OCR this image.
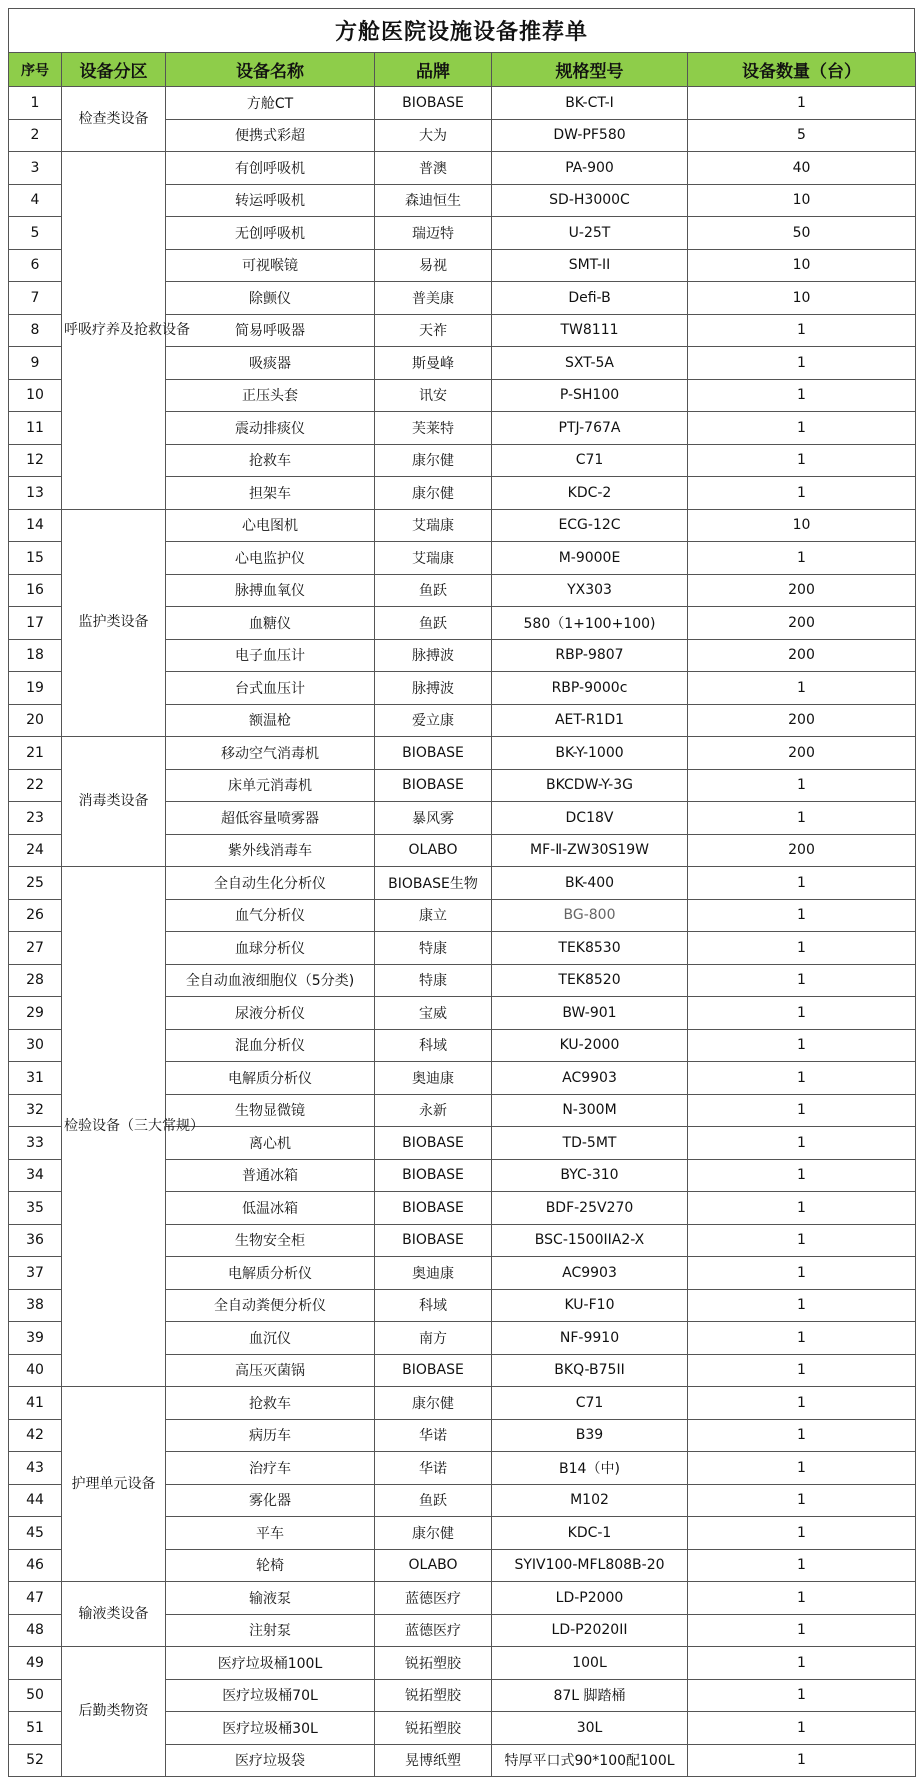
方舱医院设施设备推荐单
序号	设备分区	设备名称	品牌	规格型号	设备数量（台）
1	检查类设备	方舱CT	BIOBASE	BK-CT-I	1
2		便携式彩超	大为	DW-PF580	5
3	呼吸疗养及抢救设备	有创呼吸机	普澳	PA-900	40
4		转运呼吸机	森迪恒生	SD-H3000C	10
5		无创呼吸机	瑞迈特	U-25T	50
6		可视喉镜	易视	SMT-II	10
7		除颤仪	普美康	Defi-B	10
8		简易呼吸器	天祚	TW8111	1
9		吸痰器	斯曼峰	SXT-5A	1
10		正压头套	讯安	P-SH100	1
11		震动排痰仪	芙莱特	PTJ-767A	1
12		抢救车	康尔健	C71	1
13		担架车	康尔健	KDC-2	1
14	监护类设备	心电图机	艾瑞康	ECG-12C	10
15		心电监护仪	艾瑞康	M-9000E	1
16		脉搏血氧仪	鱼跃	YX303	200
17		血糖仪	鱼跃	580（1+100+100)	200
18		电子血压计	脉搏波	RBP-9807	200
19		台式血压计	脉搏波	RBP-9000c	1
20		额温枪	爱立康	AET-R1D1	200
21	消毒类设备	移动空气消毒机	BIOBASE	BK-Y-1000	200
22		床单元消毒机	BIOBASE	BKCDW-Y-3G	1
23		超低容量喷雾器	暴风雾	DC18V	1
24		紫外线消毒车	OLABO	MF-Ⅱ-ZW30S19W	200
25	检验设备（三大常规）	全自动生化分析仪	BIOBASE生物	BK-400	1
26		血气分析仪	康立	BG-800	1
27		血球分析仪	特康	TEK8530	1
28		全自动血液细胞仪（5分类)	特康	TEK8520	1
29		尿液分析仪	宝威	BW-901	1
30		混血分析仪	科域	KU-2000	1
31		电解质分析仪	奥迪康	AC9903	1
32		生物显微镜	永新	N-300M	1
33		离心机	BIOBASE	TD-5MT	1
34		普通冰箱	BIOBASE	BYC-310	1
35		低温冰箱	BIOBASE	BDF-25V270	1
36		生物安全柜	BIOBASE	BSC-1500IIA2-X	1
37		电解质分析仪	奥迪康	AC9903	1
38		全自动粪便分析仪	科域	KU-F10	1
39		血沉仪	南方	NF-9910	1
40		高压灭菌锅	BIOBASE	BKQ-B75II	1
41	护理单元设备	抢救车	康尔健	C71	1
42		病历车	华诺	B39	1
43		治疗车	华诺	B14（中)	1
44		雾化器	鱼跃	M102	1
45		平车	康尔健	KDC-1	1
46		轮椅	OLABO	SYIV100-MFL808B-20	1
47	输液类设备	输液泵	蓝德医疗	LD-P2000	1
48		注射泵	蓝德医疗	LD-P2020II	1
49	后勤类物资	医疗垃圾桶100L	锐拓塑胶	100L	1
50		医疗垃圾桶70L	锐拓塑胶	87L 脚踏桶	1
51		医疗垃圾桶30L	锐拓塑胶	30L	1
52		医疗垃圾袋	晃博纸塑	特厚平口式90*100配100L	1
